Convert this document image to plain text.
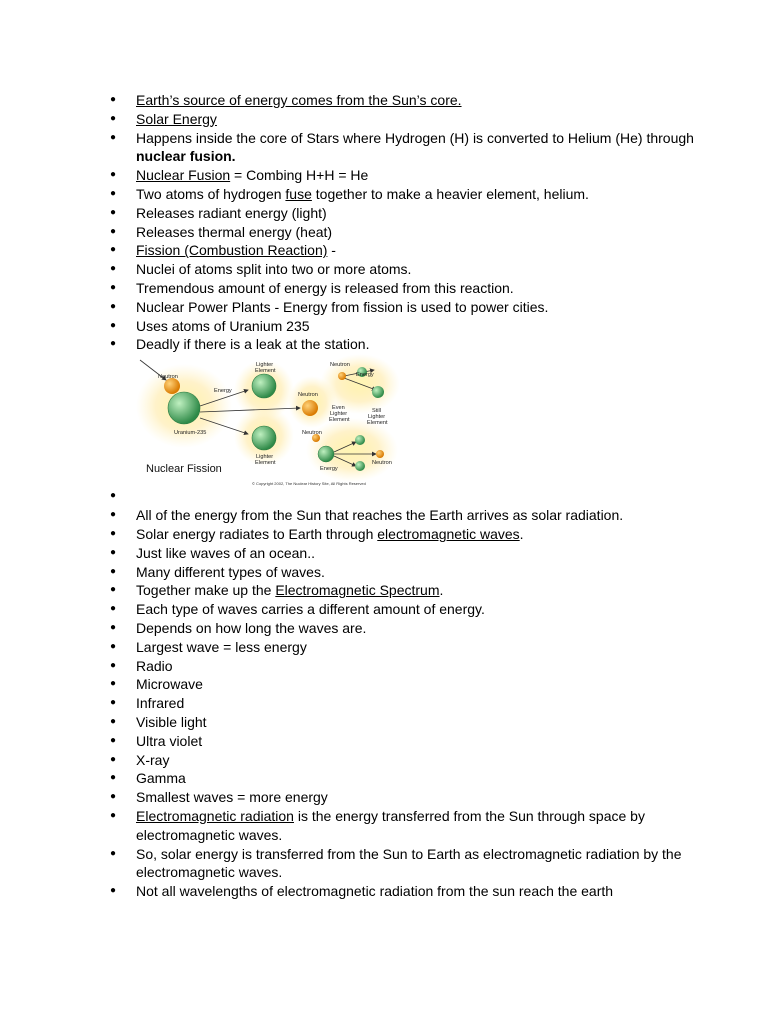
● Earth’s source of energy comes from the Sun’s core.
● Solar Energy
● Happens inside the core of Stars where Hydrogen (H) is converted to Helium (He) through nuclear fusion.
● Nuclear Fusion = Combing H+H = He
● Two atoms of hydrogen fuse together to make a heavier element, helium.
● Releases radiant energy (light)
● Releases thermal energy (heat)
● Fission (Combustion Reaction) -
● Nuclei of atoms split into two or more atoms.
● Tremendous amount of energy is released from this reaction.
● Nuclear Power Plants - Energy from fission is used to power cities.
● Uses atoms of Uranium 235
● Deadly if there is a leak at the station.
● Neutron
Energy
Uranium-235
Lighter
Element
Lighter
Element
Neutron
Neutron
Energy
Even
Lighter
Element
Still
Lighter
Element
Neutron
Energy
Neutron
Nuclear Fission
© Copyright 2002, The Nuclear History Site, All Rights Reserved
● All of the energy from the Sun that reaches the Earth arrives as solar radiation.
● Solar energy radiates to Earth through electromagnetic waves.
● Just like waves of an ocean..
● Many different types of waves.
● Together make up the Electromagnetic Spectrum.
● Each type of waves carries a different amount of energy.
● Depends on how long the waves are.
● Largest wave = less energy
● Radio
● Microwave
● Infrared
● Visible light
● Ultra violet
● X-ray
● Gamma
● Smallest waves = more energy
● Electromagnetic radiation is the energy transferred from the Sun through space by electromagnetic waves.
● So, solar energy is transferred from the Sun to Earth as electromagnetic radiation by the electromagnetic waves.
● Not all wavelengths of electromagnetic radiation from the sun reach the earth
